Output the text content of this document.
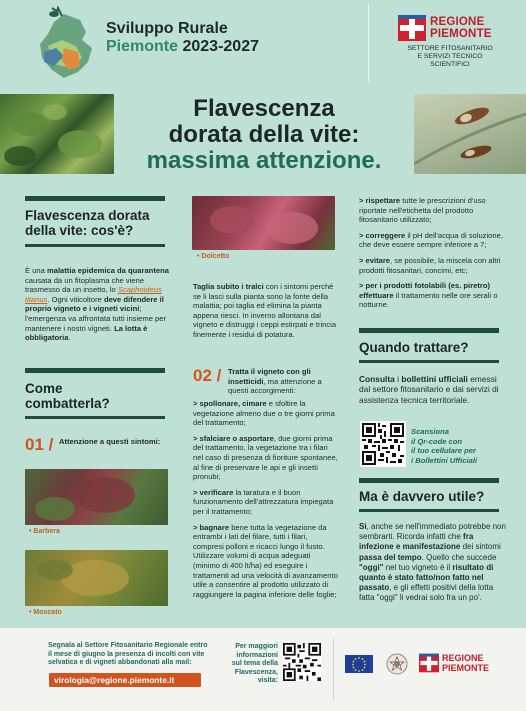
Sviluppo Rurale
Piemonte 2023-2027
REGIONE
PIEMONTE
SETTORE FITOSANITARIO
E SERVIZI TECNICO
SCIENTIFICI
Flavescenza
dorata della vite:
massima attenzione.
Flavescenza dorata
della vite: cos'è?
È una malattia epidemica da quarantena causata da un fitoplasma che viene trasmesso da un insetto, lo Scaphoideus titanus. Ogni viticoltore deve difendere il proprio vigneto e i vigneti vicini; l'emergenza va affrontata tutti insieme per mantenere i nostri vigneti. La lotta è obbligatoria.
Come
combatterla?
01 / Attenzione a questi sintomi:
• Barbera
• Moscato
• Dolcetto
Taglia subito i tralci con i sintomi perché se li lasci sulla pianta sono la fonte della malattia; poi taglia ed elimina la pianta appena riesci. In inverno allontana dal vigneto e distruggi i ceppi estirpati e trincia finemente i residui di potatura.
02 / Tratta il vigneto con gli insetticidi, ma attenzione a questi accorgimenti:
> spollonare, cimare e sfoltire la vegetazione almeno due o tre giorni prima del trattamento;
> sfalciare o asportare, due giorni prima del trattamento, la vegetazione tra i filari nel caso di presenza di fioriture spontanee, al fine di preservare le api e gli insetti pronubi;
> verificare la taratura e il buon funzionamento dell'attrezzatura impiegata per il trattamento;
> bagnare bene tutta la vegetazione da entrambi i lati del filare, tutti i filari, compresi polloni e ricacci lungo il fusto. Utilizzare volumi di acqua adeguati (minimo di 400 lt/ha) ed eseguire i trattamenti ad una velocità di avanzamento utile a consentire al prodotto utilizzato di raggiungere la pagina inferiore delle foglie;
> rispettare tutte le prescrizioni d'uso riportate nell'etichetta del prodotto fitosanitario utilizzato;
> correggere il pH dell'acqua di soluzione, che deve essere sempre inferiore a 7;
> evitare, se possibile, la miscela con altri prodotti fitosanitari, concimi, etc;
> per i prodotti fotolabili (es. piretro) effettuare il trattamento nelle ore serali o notturne.
Quando trattare?
Consulta i bollettini ufficiali emessi dal settore fitosanitario e dai servizi di assistenza tecnica territoriale.
Scansiona
il Qr-code con
il tuo cellulare per
i Bollettini Ufficiali
Ma è davvero utile?
Sì, anche se nell'immediato potrebbe non sembrarti. Ricorda infatti che fra infezione e manifestazione dei sintomi passa del tempo. Quello che succede "oggi" nel tuo vigneto è il risultato di quanto è stato fatto/non fatto nel passato, e gli effetti positivi della lotta fatta "oggi" li vedrai solo fra un po'.
Segnala al Settore Fitosanitario Regionale entro il mese di giugno la presenza di incolti con vite selvatica e di vigneti abbandonati alla mail:
virologia@regione.piemonte.it
Per maggiori
informazioni
sul tema della
Flavescenza,
visita:
REGIONE
PIEMONTE
